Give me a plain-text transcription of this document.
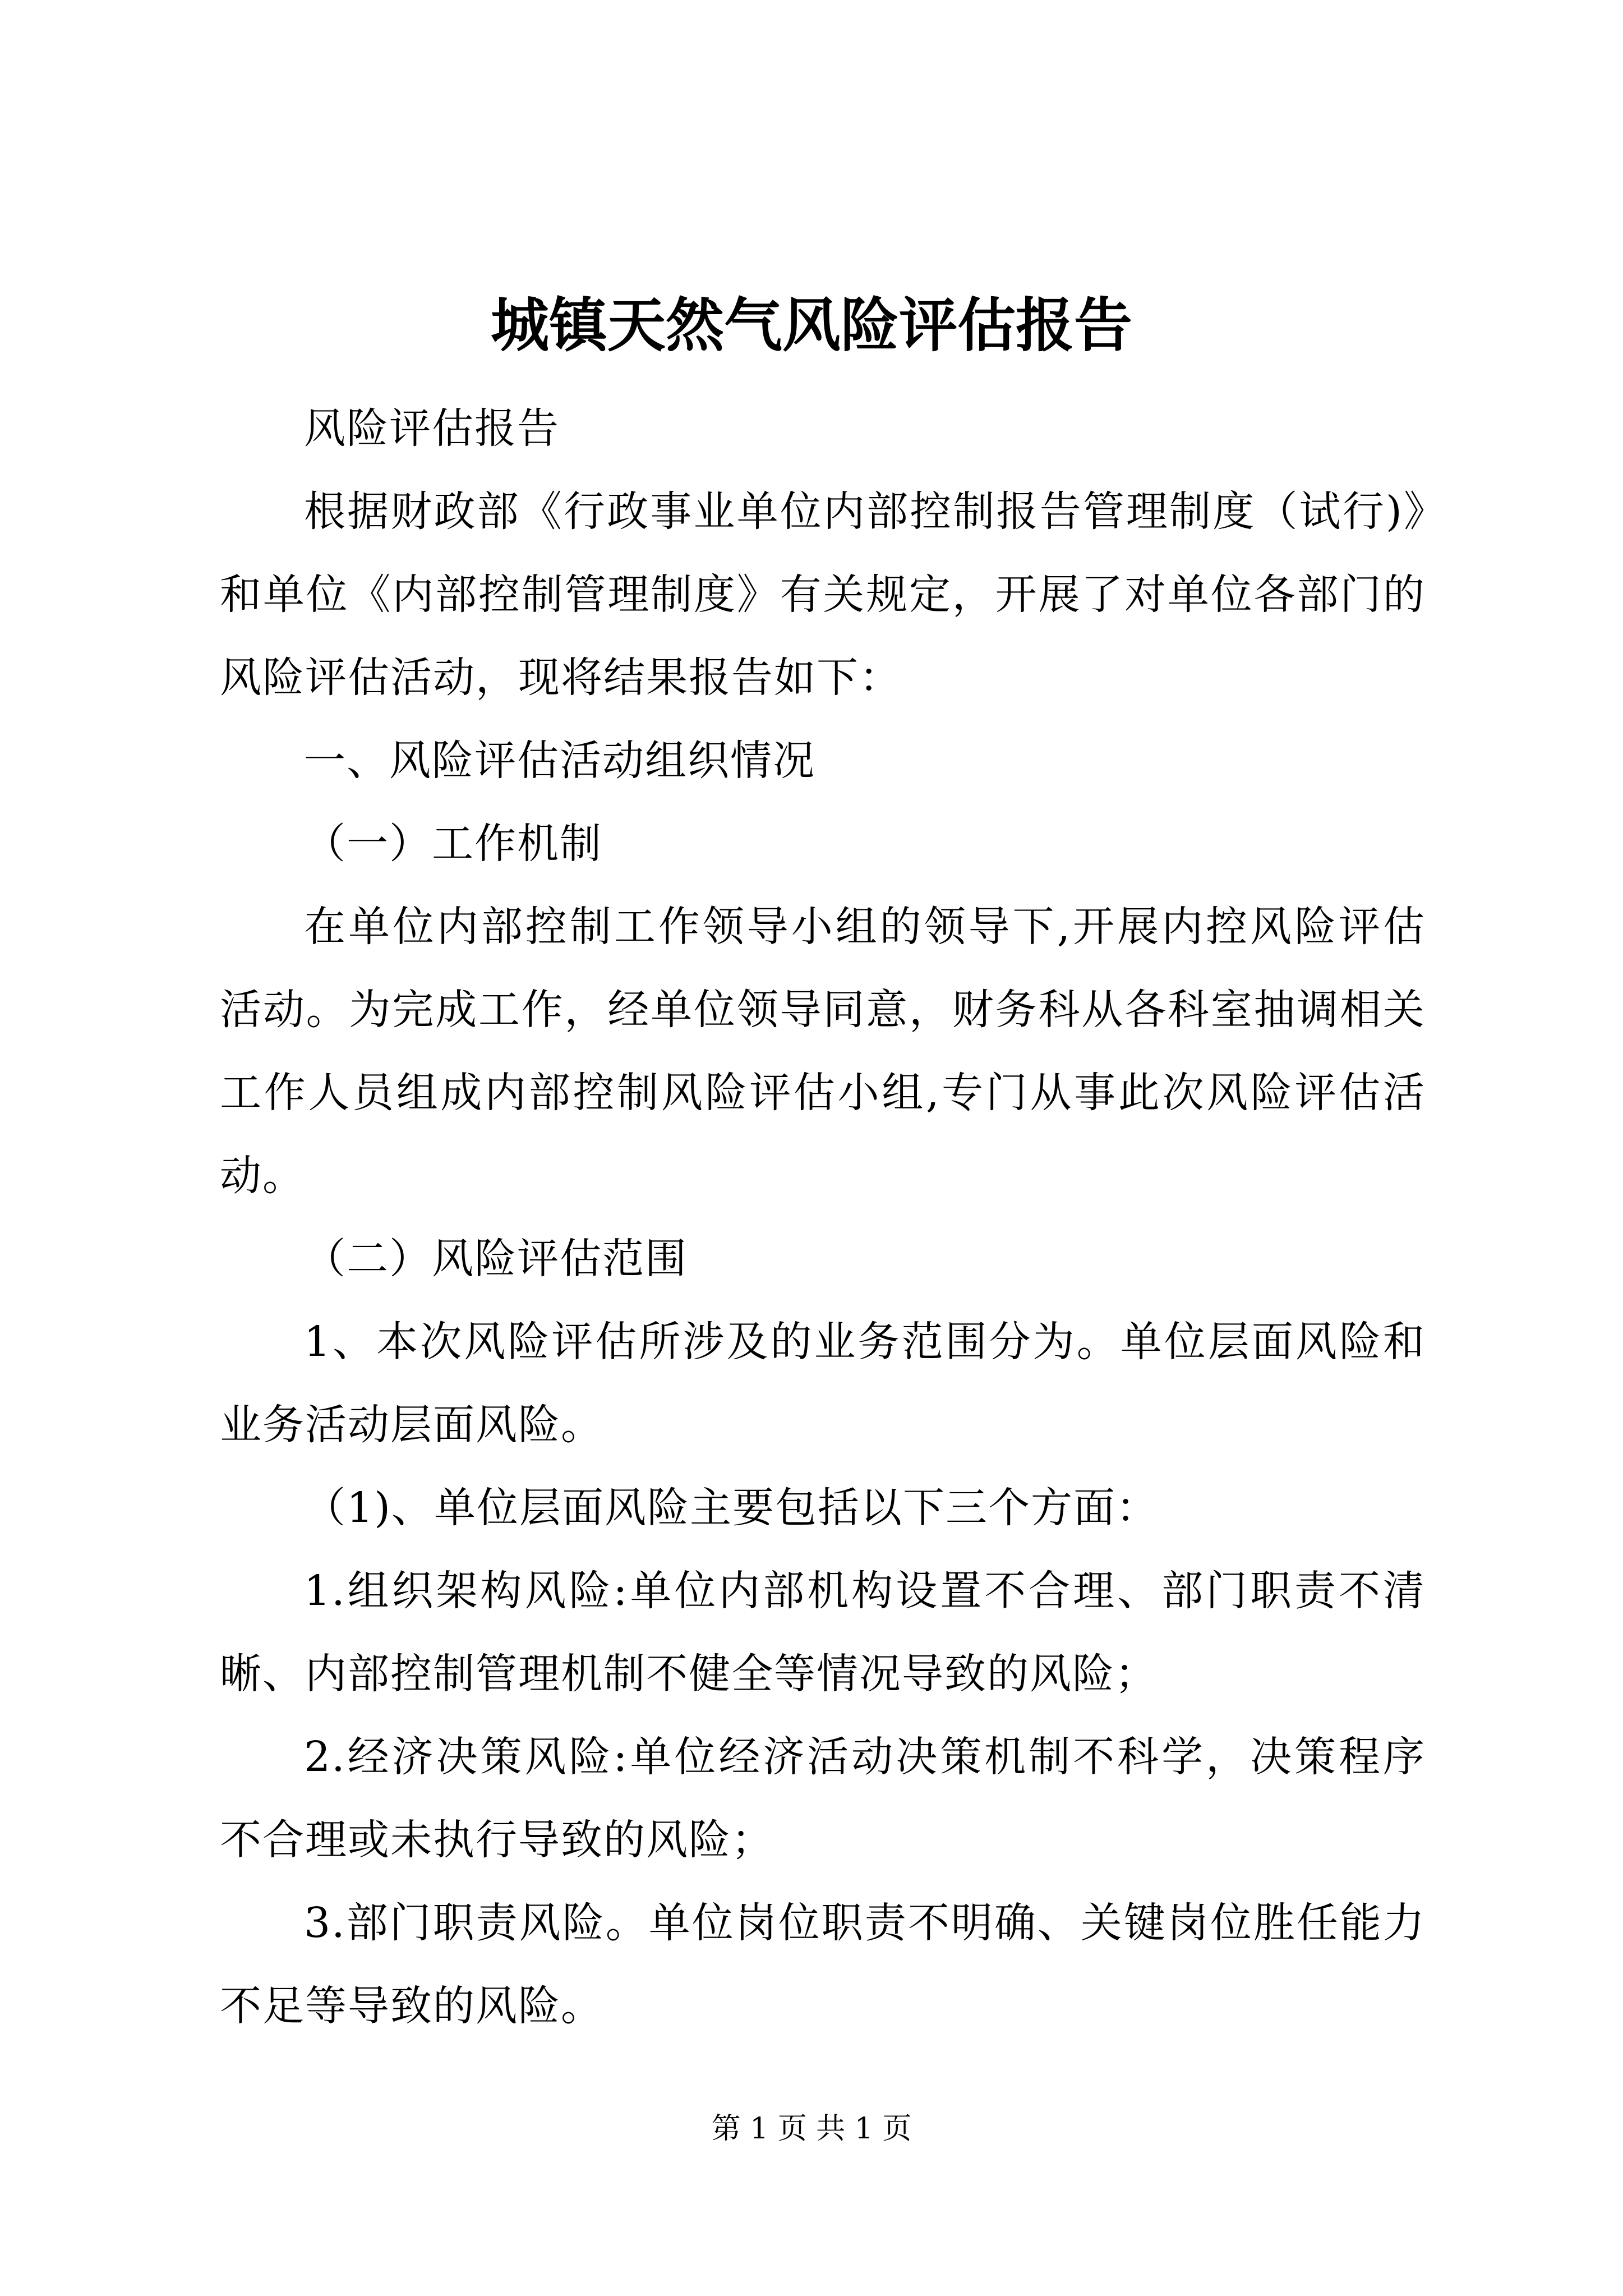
城镇天然气风险评估报告

风险评估报告

根据财政部《行政事业单位内部控制报告管理制度（试行)》和单位《内部控制管理制度》有关规定，开展了对单位各部门的风险评估活动，现将结果报告如下：

一、风险评估活动组织情况

（一）工作机制

在单位内部控制工作领导小组的领导下,开展内控风险评估活动。为完成工作，经单位领导同意，财务科从各科室抽调相关工作人员组成内部控制风险评估小组,专门从事此次风险评估活动。

（二）风险评估范围

1、本次风险评估所涉及的业务范围分为。单位层面风险和业务活动层面风险。

（1)、单位层面风险主要包括以下三个方面：

1.组织架构风险:单位内部机构设置不合理、部门职责不清晰、内部控制管理机制不健全等情况导致的风险；

2.经济决策风险:单位经济活动决策机制不科学，决策程序不合理或未执行导致的风险；

3.部门职责风险。单位岗位职责不明确、关键岗位胜任能力不足等导致的风险。

第 1 页 共 1 页
